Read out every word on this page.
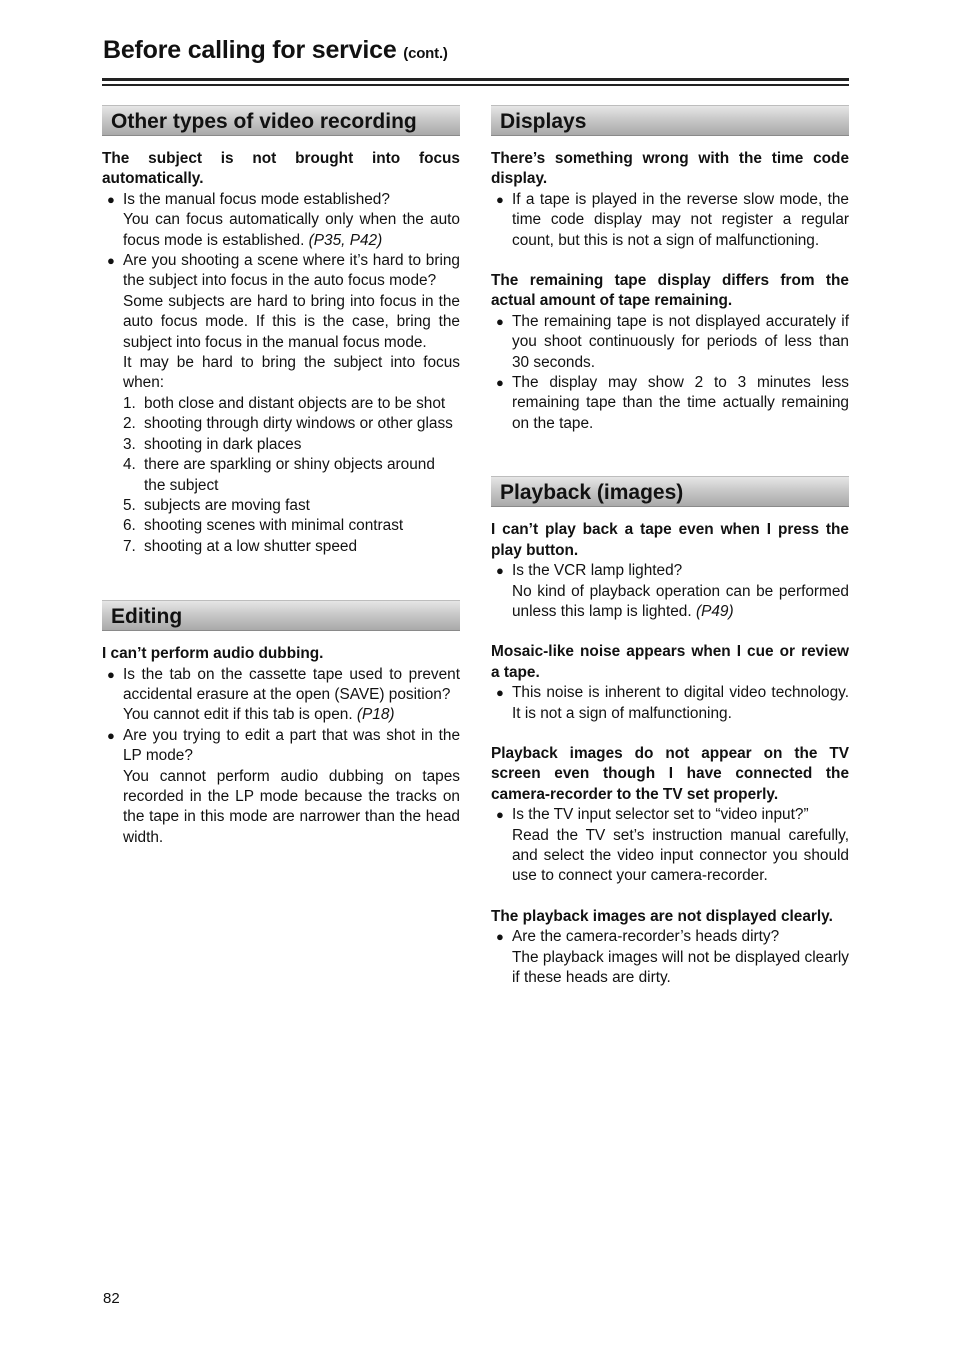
Before calling for service (cont.)
Other types of video recording
The subject is not brought into focus automatically.
● Is the manual focus mode established?
You can focus automatically only when the auto focus mode is established. (P35, P42)
● Are you shooting a scene where it’s hard to bring the subject into focus in the auto focus mode?
Some subjects are hard to bring into focus in the auto focus mode. If this is the case, bring the subject into focus in the manual focus mode.
It may be hard to bring the subject into focus when:
1. both close and distant objects are to be shot
2. shooting through dirty windows or other glass
3. shooting in dark places
4. there are sparkling or shiny objects around the subject
5. subjects are moving fast
6. shooting scenes with minimal contrast
7. shooting at a low shutter speed
Editing
I can’t perform audio dubbing.
● Is the tab on the cassette tape used to prevent accidental erasure at the open (SAVE) position?
You cannot edit if this tab is open. (P18)
● Are you trying to edit a part that was shot in the LP mode?
You cannot perform audio dubbing on tapes recorded in the LP mode because the tracks on the tape in this mode are narrower than the head width.
Displays
There’s something wrong with the time code display.
● If a tape is played in the reverse slow mode, the time code display may not register a regular count, but this is not a sign of malfunctioning.
The remaining tape display differs from the actual amount of tape remaining.
● The remaining tape is not displayed accurately if you shoot continuously for periods of less than 30 seconds.
● The display may show 2 to 3 minutes less remaining tape than the time actually remaining on the tape.
Playback (images)
I can’t play back a tape even when I press the play button.
● Is the VCR lamp lighted?
No kind of playback operation can be performed unless this lamp is lighted. (P49)
Mosaic-like noise appears when I cue or review a tape.
● This noise is inherent to digital video technology. It is not a sign of malfunctioning.
Playback images do not appear on the TV screen even though I have connected the camera-recorder to the TV set properly.
● Is the TV input selector set to “video input?”
Read the TV set’s instruction manual carefully, and select the video input connector you should use to connect your camera-recorder.
The playback images are not displayed clearly.
● Are the camera-recorder’s heads dirty?
The playback images will not be displayed clearly if these heads are dirty.
82
